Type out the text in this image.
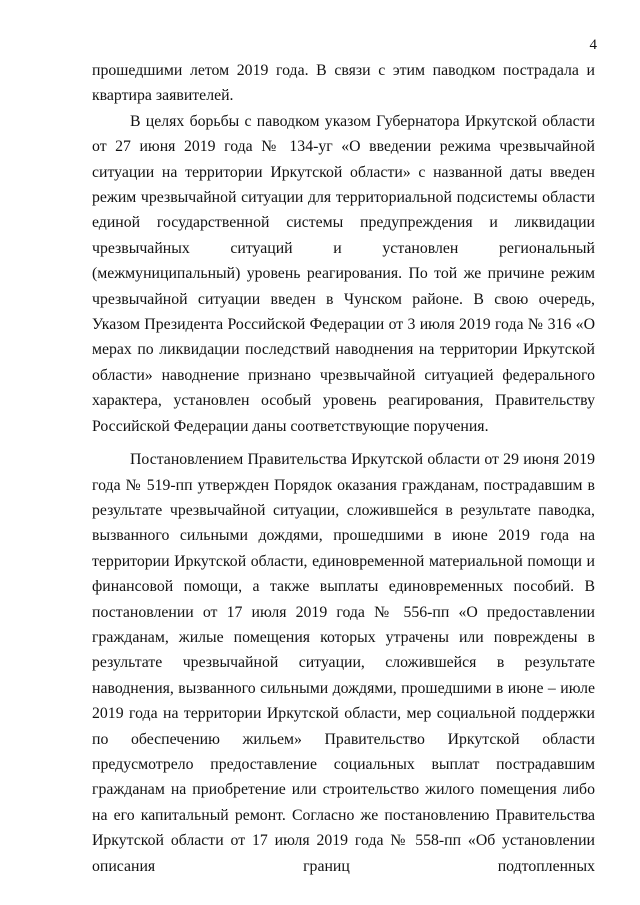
4

прошедшими летом 2019 года. В связи с этим паводком пострадала и квартира заявителей.

В целях борьбы с паводком указом Губернатора Иркутской области от 27 июня 2019 года № 134-уг «О введении режима чрезвычайной ситуации на территории Иркутской области» с названной даты введен режим чрезвычайной ситуации для территориальной подсистемы области единой государственной системы предупреждения и ликвидации чрезвычайных ситуаций и установлен региональный (межмуниципальный) уровень реагирования. По той же причине режим чрезвычайной ситуации введен в Чунском районе. В свою очередь, Указом Президента Российской Федерации от 3 июля 2019 года № 316 «О мерах по ликвидации последствий наводнения на территории Иркутской области» наводнение признано чрезвычайной ситуацией федерального характера, установлен особый уровень реагирования, Правительству Российской Федерации даны соответствующие поручения.

Постановлением Правительства Иркутской области от 29 июня 2019 года № 519-пп утвержден Порядок оказания гражданам, пострадавшим в результате чрезвычайной ситуации, сложившейся в результате паводка, вызванного сильными дождями, прошедшими в июне 2019 года на территории Иркутской области, единовременной материальной помощи и финансовой помощи, а также выплаты единовременных пособий. В постановлении от 17 июля 2019 года № 556-пп «О предоставлении гражданам, жилые помещения которых утрачены или повреждены в результате чрезвычайной ситуации, сложившейся в результате наводнения, вызванного сильными дождями, прошедшими в июне – июле 2019 года на территории Иркутской области, мер социальной поддержки по обеспечению жильем» Правительство Иркутской области предусмотрело предоставление социальных выплат пострадавшим гражданам на приобретение или строительство жилого помещения либо на его капитальный ремонт. Согласно же постановлению Правительства Иркутской области от 17 июля 2019 года № 558-пп «Об установлении описания границ подтопленных
